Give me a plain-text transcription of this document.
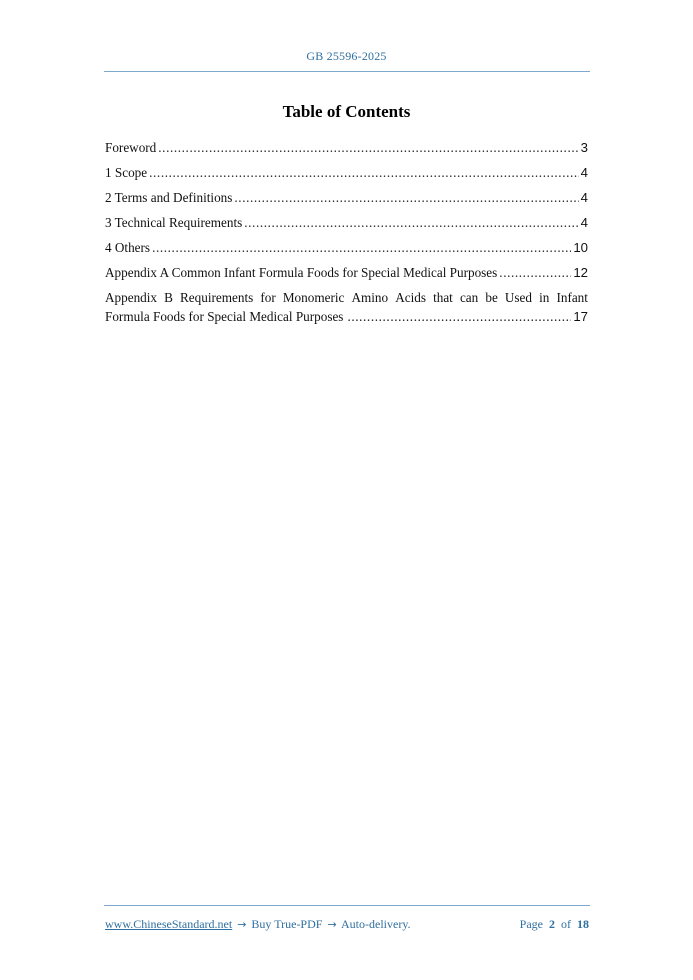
GB 25596-2025
Table of Contents
Foreword .....	3
1 Scope .....	4
2 Terms and Definitions .....	4
3 Technical Requirements .....	4
4 Others .....	10
Appendix A Common Infant Formula Foods for Special Medical Purposes .....	12
Appendix B Requirements for Monomeric Amino Acids that can be Used in Infant
Formula Foods for Special Medical Purposes .....	17
www.ChineseStandard.net → Buy True-PDF → Auto-delivery.	Page 2 of 18
